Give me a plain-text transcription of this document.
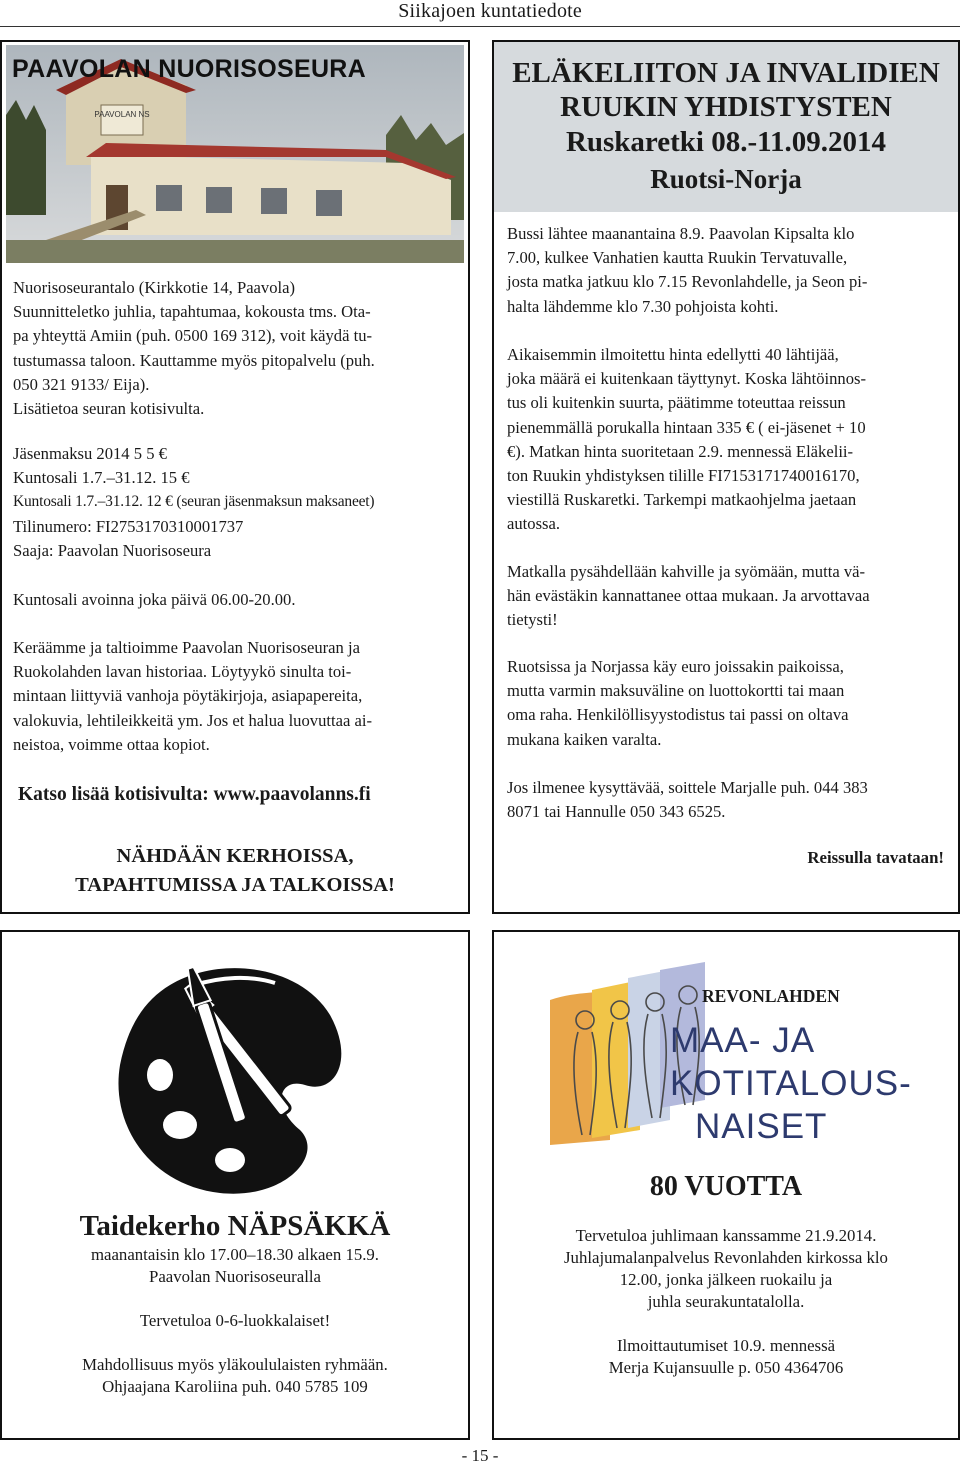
Siikajoen kuntatiedote
PAAVOLAN NS
PAAVOLAN NUORISOSEURA

Nuorisoseurantalo (Kirkkotie 14, Paavola)

Suunnitteletko juhlia, tapahtumaa, kokousta tms. Ota-

pa yhteyttä Amiin (puh. 0500 169 312), voit käydä tu-

tustumassa taloon. Kauttamme myös pitopalvelu (puh.

050 321 9133/ Eija).

Lisätietoa seuran kotisivulta.

Jäsenmaksu 2014 5 5 €

Kuntosali 1.7.–31.12. 15 €

Kuntosali 1.7.–31.12. 12 € (seuran jäsenmaksun maksaneet)

Tilinumero: FI2753170310001737

Saaja: Paavolan Nuorisoseura

Kuntosali avoinna joka päivä 06.00-20.00.

Keräämme ja taltioimme Paavolan Nuorisoseuran ja

Ruokolahden lavan historiaa. Löytyykö sinulta toi-

mintaan liittyviä vanhoja pöytäkirjoja, asiapapereita,

valokuvia, lehtileikkeitä ym. Jos et halua luovuttaa ai-

neistoa, voimme ottaa kopiot.

Katso lisää kotisivulta: www.paavolanns.fi
NÄHDÄÄN KERHOISSA,
TAPAHTUMISSA JA TALKOISSA!
ELÄKELIITON JA INVALIDIEN
RUUKIN YHDISTYSTEN
Ruskaretki 08.-11.09.2014
Ruotsi-Norja

Bussi lähtee maanantaina 8.9. Paavolan Kipsalta klo

7.00, kulkee Vanhatien kautta Ruukin Tervatuvalle,

josta matka jatkuu klo 7.15 Revonlahdelle, ja Seon pi-

halta lähdemme klo 7.30 pohjoista kohti.

Aikaisemmin ilmoitettu hinta edellytti 40 lähtijää,

joka määrä ei kuitenkaan täyttynyt. Koska lähtöinnos-

tus oli kuitenkin suurta, päätimme toteuttaa reissun

pienemmällä porukalla hintaan 335 € ( ei-jäsenet + 10

€). Matkan hinta suoritetaan 2.9. mennessä Eläkelii-

ton Ruukin yhdistyksen tilille FI7153171740016170,

viestillä Ruskaretki. Tarkempi matkaohjelma jaetaan

autossa.

Matkalla pysähdellään kahville ja syömään, mutta vä-

hän evästäkin kannattanee ottaa mukaan. Ja arvottavaa

tietysti!

Ruotsissa ja Norjassa käy euro joissakin paikoissa,

mutta varmin maksuväline on luottokortti tai maan

oma raha. Henkilöllisyystodistus tai passi on oltava

mukana kaiken varalta.

Jos ilmenee kysyttävää, soittele Marjalle puh. 044 383

8071 tai Hannulle 050 343 6525.

Reissulla tavataan!
Taidekerho NÄPSÄKKÄ
maanantaisin klo 17.00–18.30 alkaen 15.9.
Paavolan Nuorisoseuralla
Tervetuloa 0-6-luokkalaiset!
Mahdollisuus myös yläkoululaisten ryhmään.
Ohjaajana Karoliina puh. 040 5785 109
MAA- JA
KOTITALOUS-
NAISET
REVONLAHDEN
80 VUOTTA
Tervetuloa juhlimaan kanssamme 21.9.2014.
Juhlajumalanpalvelus Revonlahden kirkossa klo
12.00, jonka jälkeen ruokailu ja
juhla seurakuntatalolla.
Ilmoittautumiset 10.9. mennessä
Merja Kujansuulle p. 050 4364706
- 15 -
